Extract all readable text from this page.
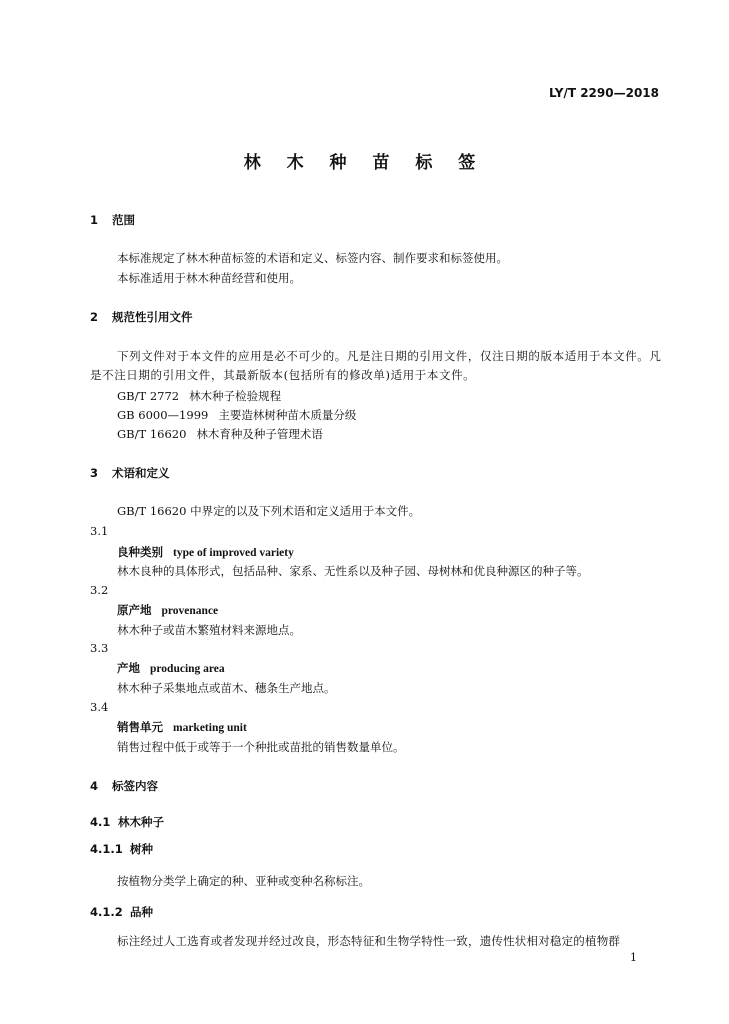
LY/T 2290—2018
林 木 种 苗 标 签
1 范围
本标准规定了林木种苗标签的术语和定义、标签内容、制作要求和标签使用。
本标准适用于林木种苗经营和使用。
2 规范性引用文件
下列文件对于本文件的应用是必不可少的。凡是注日期的引用文件，仅注日期的版本适用于本文件。凡是不注日期的引用文件，其最新版本(包括所有的修改单)适用于本文件。
GB/T 2772 林木种子检验规程
GB 6000—1999 主要造林树种苗木质量分级
GB/T 16620 林木育种及种子管理术语
3 术语和定义
GB/T 16620 中界定的以及下列术语和定义适用于本文件。
3.1
良种类别 type of improved variety
林木良种的具体形式，包括品种、家系、无性系以及种子园、母树林和优良种源区的种子等。
3.2
原产地 provenance
林木种子或苗木繁殖材料来源地点。
3.3
产地 producing area
林木种子采集地点或苗木、穗条生产地点。
3.4
销售单元 marketing unit
销售过程中低于或等于一个种批或苗批的销售数量单位。
4 标签内容
4.1 林木种子
4.1.1 树种
按植物分类学上确定的种、亚种或变种名称标注。
4.1.2 品种
标注经过人工选育或者发现并经过改良，形态特征和生物学特性一致，遗传性状相对稳定的植物群
1
